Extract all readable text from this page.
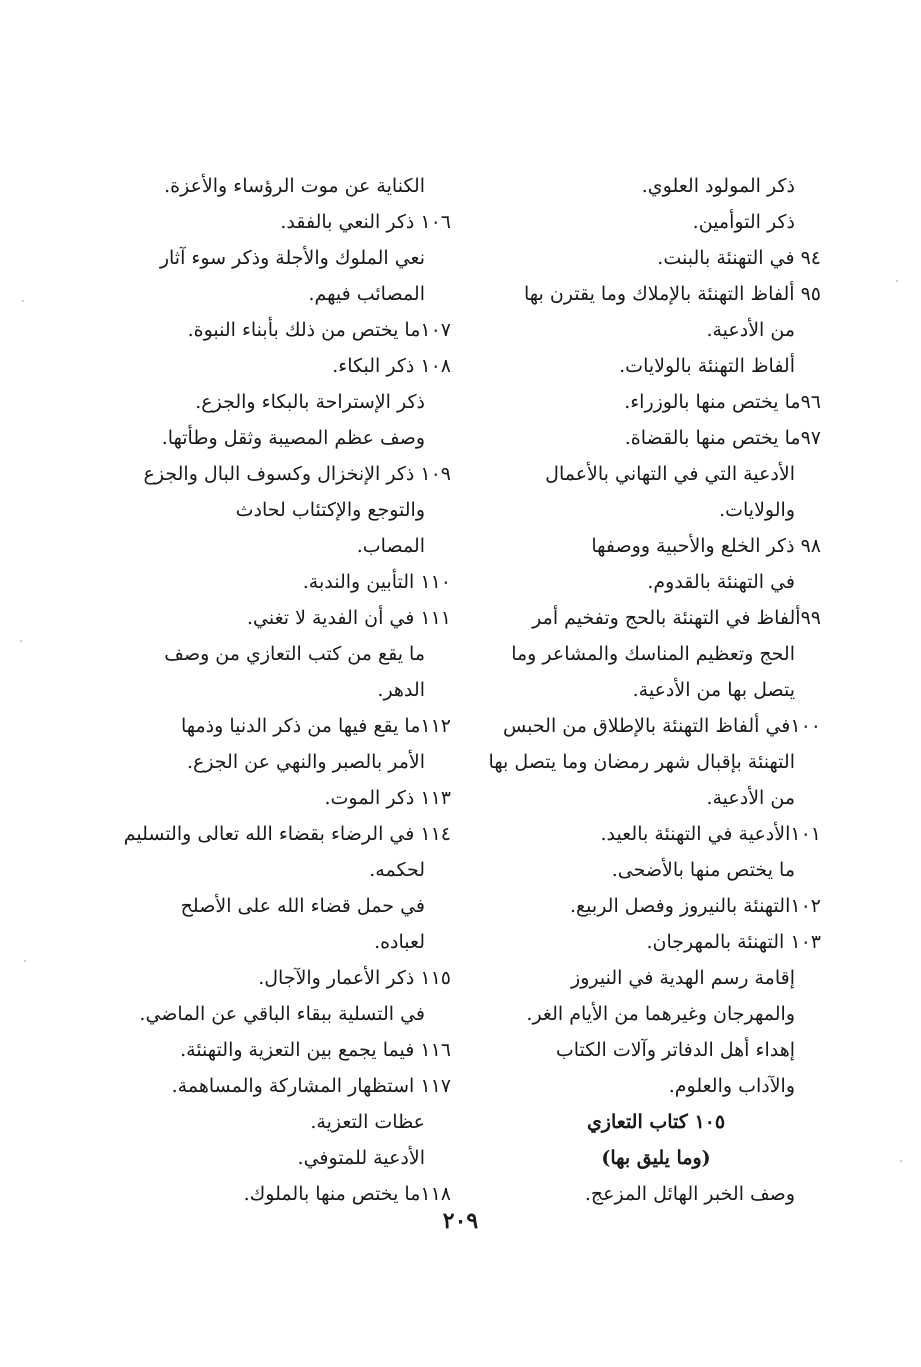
ذكر المولود العلوي.
ذكر التوأمين.
٩٤ في التهنئة بالبنت.
٩٥ ألفاظ التهنئة بالإملاك وما يقترن بها
من الأدعية.
ألفاظ التهنئة بالولايات.
٩٦ما يختص منها بالوزراء.
٩٧ما يختص منها بالقضاة.
الأدعية التي في التهاني بالأعمال
والولايات.
٩٨ ذكر الخلع والأحبية ووصفها
في التهنئة بالقدوم.
٩٩ألفاظ في التهنئة بالحج وتفخيم أمر
الحج وتعظيم المناسك والمشاعر وما
يتصل بها من الأدعية.
١٠٠في ألفاظ التهنئة بالإطلاق من الحبس
التهنئة بإقبال شهر رمضان وما يتصل بها
من الأدعية.
١٠١الأدعية في التهنئة بالعيد.
ما يختص منها بالأضحى.
١٠٢التهنئة بالنيروز وفصل الربيع.
١٠٣ التهنئة بالمهرجان.
إقامة رسم الهدية في النيروز
والمهرجان وغيرهما من الأيام الغر.
إهداء أهل الدفاتر وآلات الكتاب
والآداب والعلوم.
١٠٥ كتاب التعازي
(وما يليق بها)
وصف الخبر الهائل المزعج.
الكناية عن موت الرؤساء والأعزة.
١٠٦ ذكر النعي بالفقد.
نعي الملوك والأجلة وذكر سوء آثار
المصائب فيهم.
١٠٧ما يختص من ذلك بأبناء النبوة.
١٠٨ ذكر البكاء.
ذكر الإستراحة بالبكاء والجزع.
وصف عظم المصيبة وثقل وطأتها.
١٠٩ ذكر الإنخزال وكسوف البال والجزع
والتوجع والإكتئاب لحادث
المصاب.
١١٠ التأبين والندبة.
١١١ في أن الفدية لا تغني.
ما يقع من كتب التعازي من وصف
الدهر.
١١٢ما يقع فيها من ذكر الدنيا وذمها
الأمر بالصبر والنهي عن الجزع.
١١٣ ذكر الموت.
١١٤ في الرضاء بقضاء الله تعالى والتسليم
لحكمه.
في حمل قضاء الله على الأصلح
لعباده.
١١٥ ذكر الأعمار والآجال.
في التسلية ببقاء الباقي عن الماضي.
١١٦ فيما يجمع بين التعزية والتهنئة.
١١٧ استظهار المشاركة والمساهمة.
عظات التعزية.
الأدعية للمتوفي.
١١٨ما يختص منها بالملوك.
٢٠٩
